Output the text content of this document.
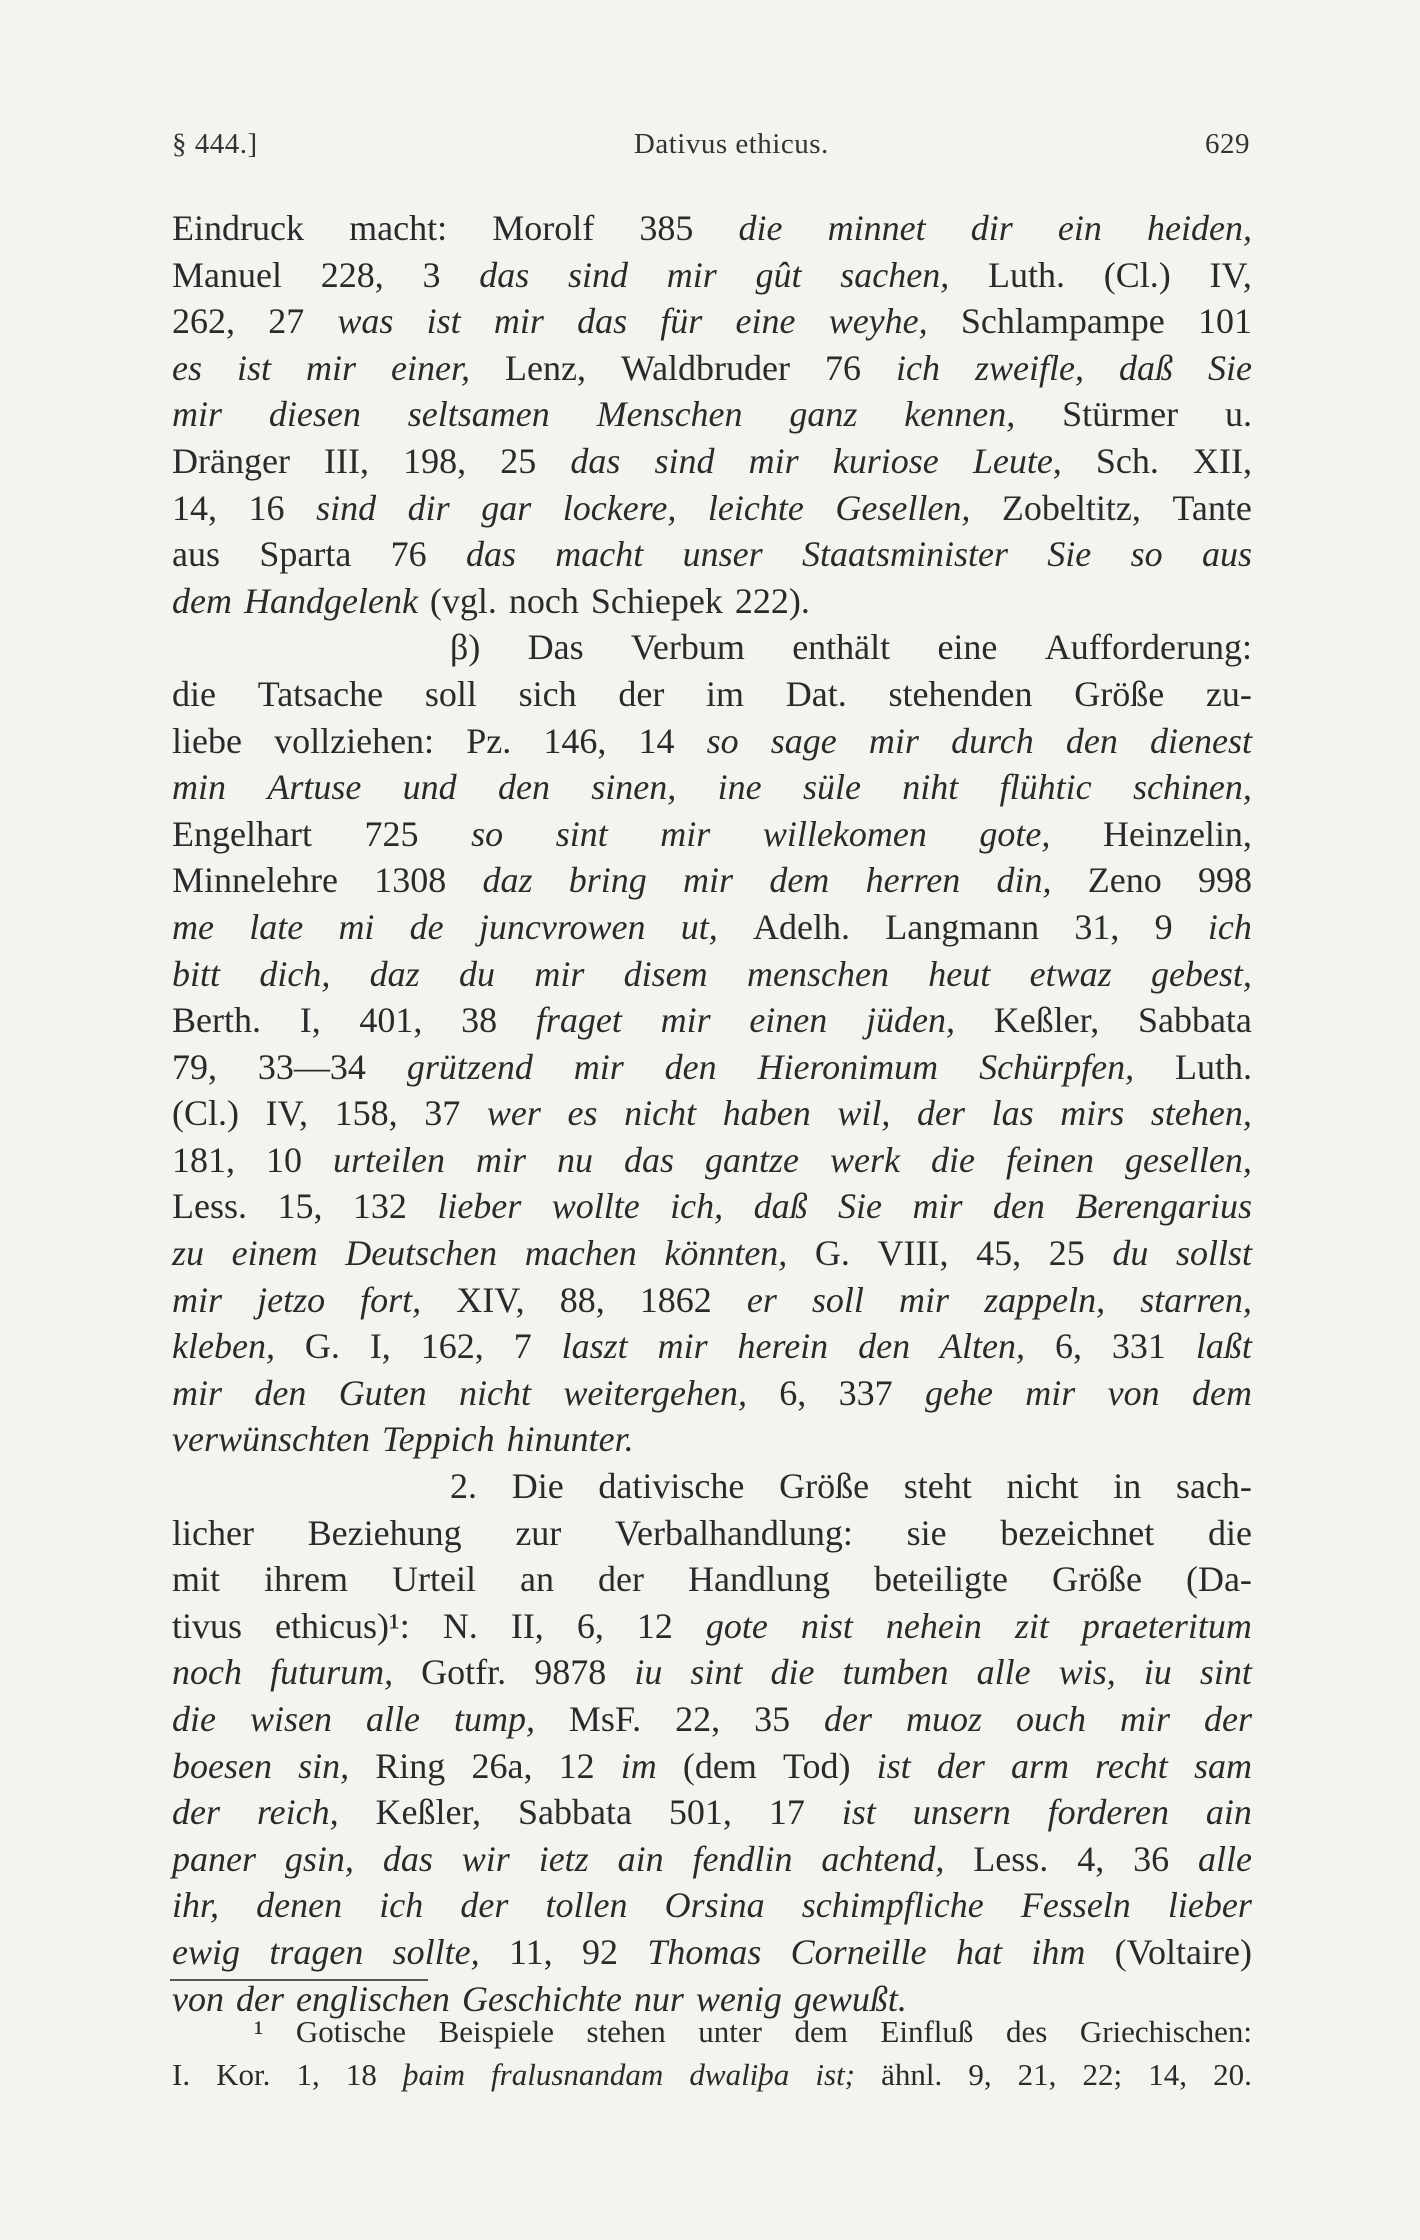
§ 444.]	Dativus ethicus.	629
Eindruck macht: Morolf 385 die minnet dir ein heiden,
Manuel 228, 3 das sind mir gût sachen, Luth. (Cl.) IV,
262, 27 was ist mir das für eine weyhe, Schlampampe 101
es ist mir einer, Lenz, Waldbruder 76 ich zweifle, daß Sie
mir diesen seltsamen Menschen ganz kennen, Stürmer u.
Dränger III, 198, 25 das sind mir kuriose Leute, Sch. XII,
14, 16 sind dir gar lockere, leichte Gesellen, Zobeltitz, Tante
aus Sparta 76 das macht unser Staatsminister Sie so aus
dem Handgelenk (vgl. noch Schiepek 222).
β) Das Verbum enthält eine Aufforderung:
die Tatsache soll sich der im Dat. stehenden Größe zu-
liebe vollziehen: Pz. 146, 14 so sage mir durch den dienest
min Artuse und den sinen, ine süle niht flühtic schinen,
Engelhart 725 so sint mir willekomen gote, Heinzelin,
Minnelehre 1308 daz bring mir dem herren din, Zeno 998
me late mi de juncvrowen ut, Adelh. Langmann 31, 9 ich
bitt dich, daz du mir disem menschen heut etwaz gebest,
Berth. I, 401, 38 fraget mir einen jüden, Keßler, Sabbata
79, 33—34 grützend mir den Hieronimum Schürpfen, Luth.
(Cl.) IV, 158, 37 wer es nicht haben wil, der las mirs stehen,
181, 10 urteilen mir nu das gantze werk die feinen gesellen,
Less. 15, 132 lieber wollte ich, daß Sie mir den Berengarius
zu einem Deutschen machen könnten, G. VIII, 45, 25 du sollst
mir jetzo fort, XIV, 88, 1862 er soll mir zappeln, starren,
kleben, G. I, 162, 7 laszt mir herein den Alten, 6, 331 laßt
mir den Guten nicht weitergehen, 6, 337 gehe mir von dem
verwünschten Teppich hinunter.
2. Die dativische Größe steht nicht in sach-
licher Beziehung zur Verbalhandlung: sie bezeichnet die
mit ihrem Urteil an der Handlung beteiligte Größe (Da-
tivus ethicus)¹: N. II, 6, 12 gote nist nehein zit praeteritum
noch futurum, Gotfr. 9878 iu sint die tumben alle wis, iu sint
die wisen alle tump, MsF. 22, 35 der muoz ouch mir der
boesen sin, Ring 26a, 12 im (dem Tod) ist der arm recht sam
der reich, Keßler, Sabbata 501, 17 ist unsern forderen ain
paner gsin, das wir ietz ain fendlin achtend, Less. 4, 36 alle
ihr, denen ich der tollen Orsina schimpfliche Fesseln lieber
ewig tragen sollte, 11, 92 Thomas Corneille hat ihm (Voltaire)
von der englischen Geschichte nur wenig gewußt.
¹ Gotische Beispiele stehen unter dem Einfluß des Griechischen:
I. Kor. 1, 18 þaim fralusnandam dwaliþa ist; ähnl. 9, 21, 22; 14, 20.
